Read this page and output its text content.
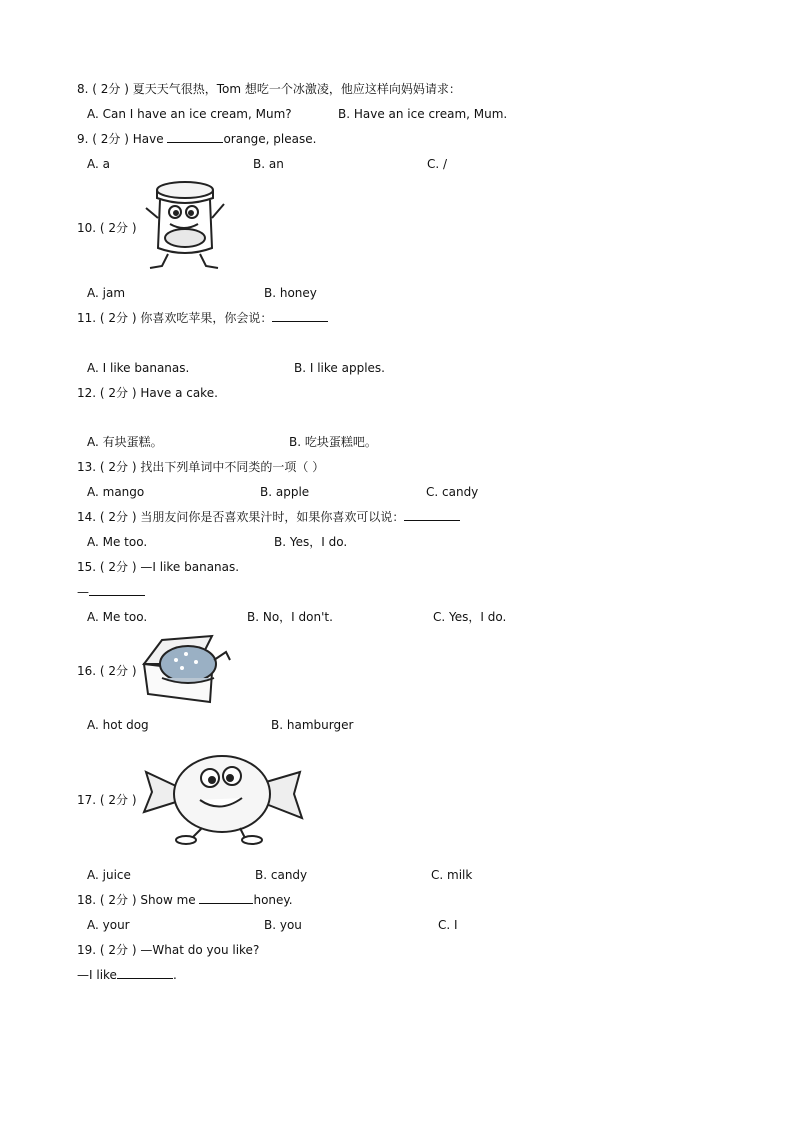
8. ( 2分 ) 夏天天气很热，Tom 想吃一个冰激凌，他应这样向妈妈请求：
A. Can I have an ice cream, Mum?	B. Have an ice cream, Mum.
9. ( 2分 ) Have	orange, please.
A. a	B. an	C. /
10. ( 2分 )
A. jam	B. honey
11. ( 2分 ) 你喜欢吃苹果，你会说：
A. I like bananas.	B. I like apples.
12. ( 2分 ) Have a cake.
A. 有块蛋糕。	B. 吃块蛋糕吧。
13. ( 2分 ) 找出下列单词中不同类的一项（ ）
A. mango	B. apple	C. candy
14. ( 2分 ) 当朋友问你是否喜欢果汁时，如果你喜欢可以说：
A. Me too.	B. Yes，I do.
15. ( 2分 ) —I like bananas.
—
A. Me too.	B. No，I don't.	C. Yes，I do.
16. ( 2分 )
A. hot dog	B. hamburger
17. ( 2分 )
A. juice	B. candy	C. milk
18. ( 2分 ) Show me	honey.
A. your	B. you	C. I
19. ( 2分 ) —What do you like?
—I like	.
